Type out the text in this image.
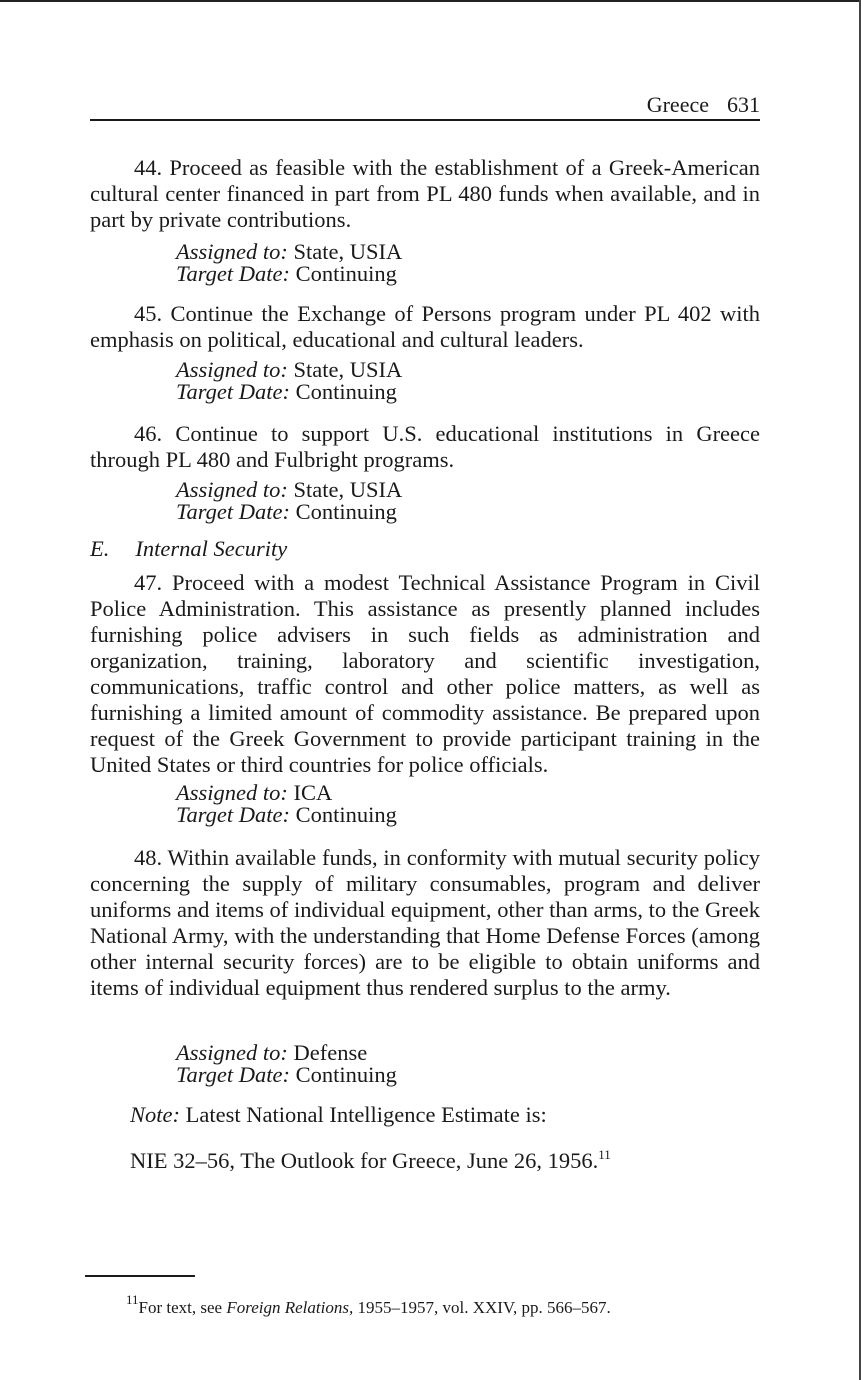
Greece 631

44. Proceed as feasible with the establishment of a Greek-American cultural center financed in part from PL 480 funds when available, and in part by private contributions.

Assigned to: State, USIA
Target Date: Continuing

45. Continue the Exchange of Persons program under PL 402 with emphasis on political, educational and cultural leaders.

Assigned to: State, USIA
Target Date: Continuing

46. Continue to support U.S. educational institutions in Greece through PL 480 and Fulbright programs.

Assigned to: State, USIA
Target Date: Continuing
E. Internal Security

47. Proceed with a modest Technical Assistance Program in Civil Police Administration. This assistance as presently planned includes furnishing police advisers in such fields as administration and organization, training, laboratory and scientific investigation, communications, traffic control and other police matters, as well as furnishing a limited amount of commodity assistance. Be prepared upon request of the Greek Government to provide participant training in the United States or third countries for police officials.

Assigned to: ICA
Target Date: Continuing

48. Within available funds, in conformity with mutual security policy concerning the supply of military consumables, program and deliver uniforms and items of individual equipment, other than arms, to the Greek National Army, with the understanding that Home Defense Forces (among other internal security forces) are to be eligible to obtain uniforms and items of individual equipment thus rendered surplus to the army.

Assigned to: Defense
Target Date: Continuing
Note: Latest National Intelligence Estimate is:
NIE 32–56, The Outlook for Greece, June 26, 1956.11
$^{11}$For text, see Foreign Relations, 1955–1957, vol. XXIV, pp. 566–567.
